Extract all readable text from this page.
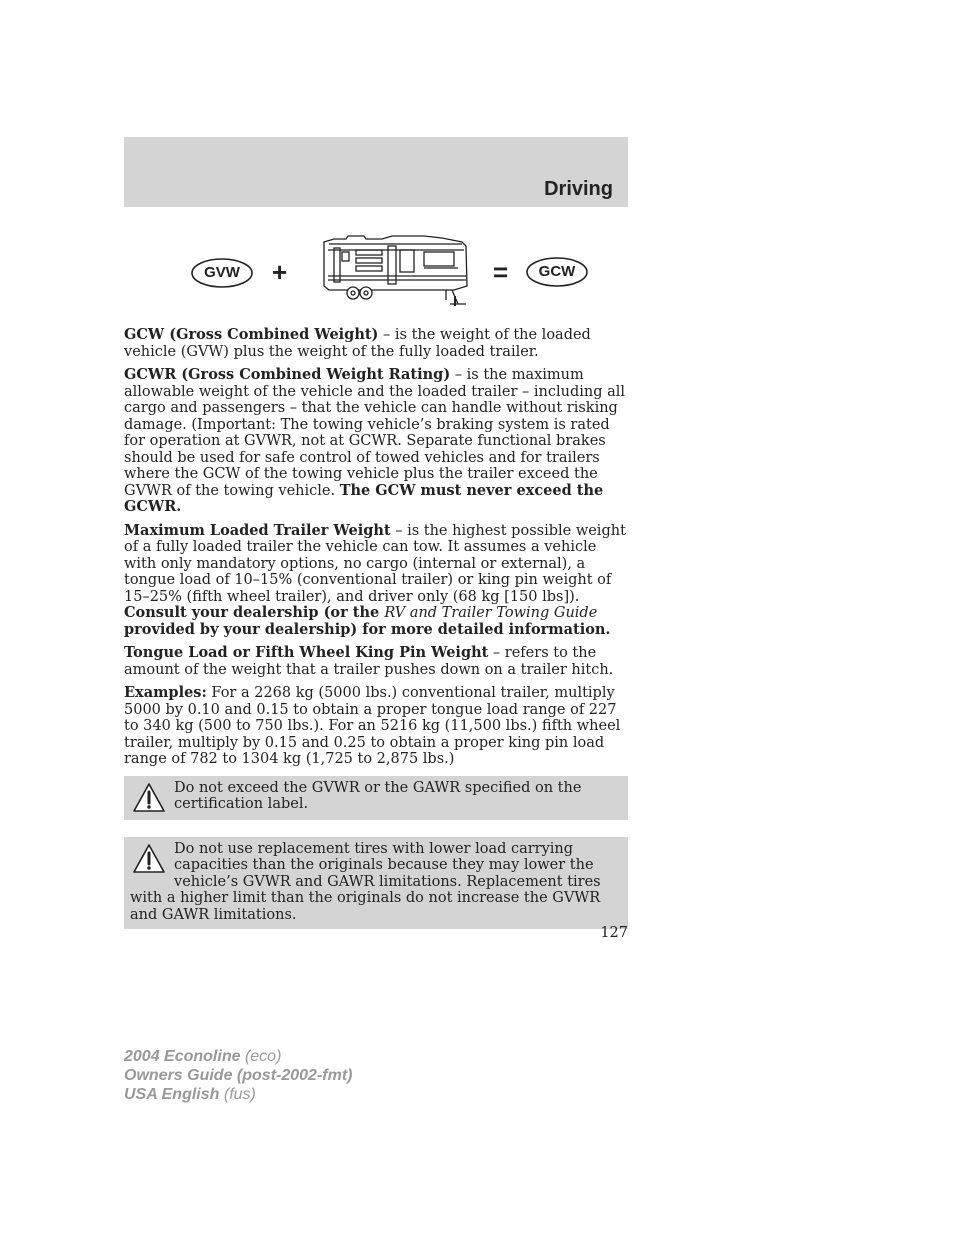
Driving
GVW	+	=	GCW

GCW (Gross Combined Weight) – is the weight of the loaded vehicle (GVW) plus the weight of the fully loaded trailer.

GCWR (Gross Combined Weight Rating) – is the maximum allowable weight of the vehicle and the loaded trailer – including all cargo and passengers – that the vehicle can handle without risking damage. (Important: The towing vehicle’s braking system is rated for operation at GVWR, not at GCWR. Separate functional brakes should be used for safe control of towed vehicles and for trailers where the GCW of the towing vehicle plus the trailer exceed the GVWR of the towing vehicle. The GCW must never exceed the GCWR.

Maximum Loaded Trailer Weight – is the highest possible weight of a fully loaded trailer the vehicle can tow. It assumes a vehicle with only mandatory options, no cargo (internal or external), a tongue load of 10–15% (conventional trailer) or king pin weight of 15–25% (fifth wheel trailer), and driver only (68 kg [150 lbs]). Consult your dealership (or the RV and Trailer Towing Guide provided by your dealership) for more detailed information.

Tongue Load or Fifth Wheel King Pin Weight – refers to the amount of the weight that a trailer pushes down on a trailer hitch.

Examples: For a 2268 kg (5000 lbs.) conventional trailer, multiply 5000 by 0.10 and 0.15 to obtain a proper tongue load range of 227 to 340 kg (500 to 750 lbs.). For an 5216 kg (11,500 lbs.) fifth wheel trailer, multiply by 0.15 and 0.25 to obtain a proper king pin load range of 782 to 1304 kg (1,725 to 2,875 lbs.)

Do not exceed the GVWR or the GAWR specified on the certification label.
Do not use replacement tires with lower load carrying capacities than the originals because they may lower the vehicle’s GVWR and GAWR limitations. Replacement tires with a higher limit than the originals do not increase the GVWR and GAWR limitations.
127
2004 Econoline (eco)
Owners Guide (post-2002-fmt)
USA English (fus)
